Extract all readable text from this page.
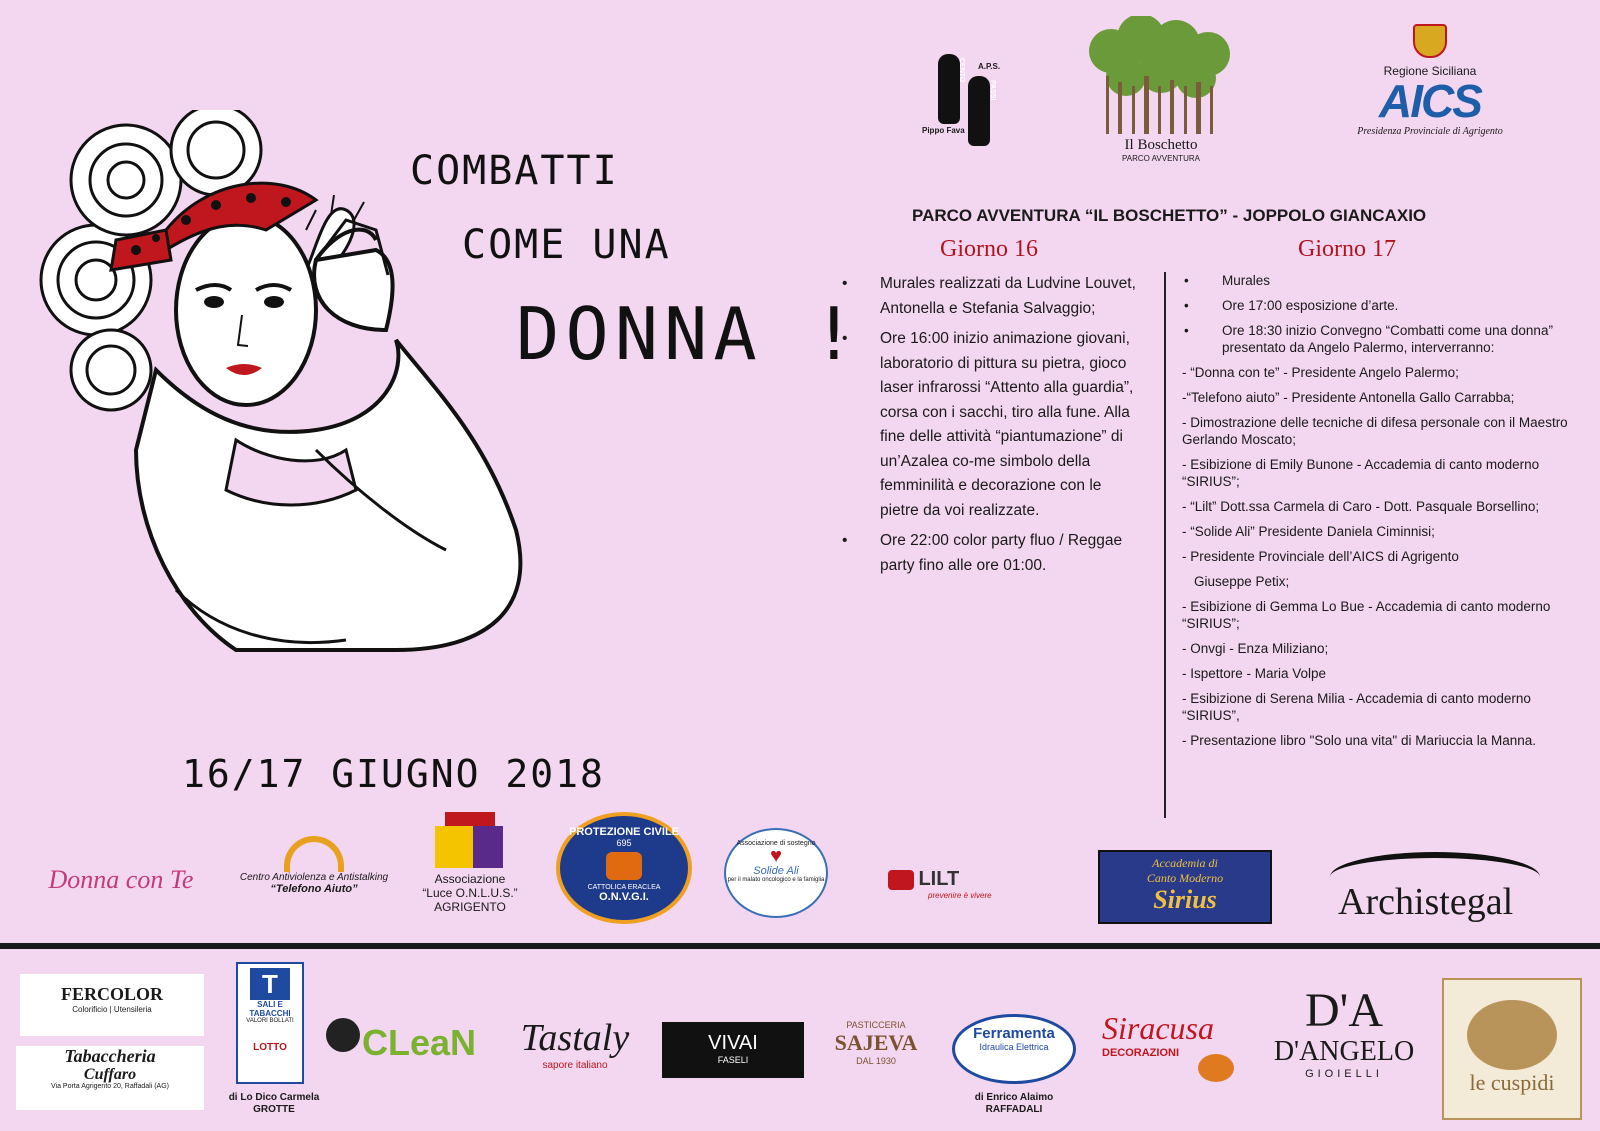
COMBATTI
COME UNA
DONNA !
16/17 GIUGNO 2018
A.P.S.
CENTO
PASSI
Pippo Fava
Il Boschetto
PARCO AVVENTURA
Regione Siciliana
AICS
Presidenza Provinciale di Agrigento
PARCO AVVENTURA “IL BOSCHETTO” - JOPPOLO GIANCAXIO
Giorno 16	Giorno 17
• Murales realizzati da Ludvine Louvet, Antonella e Stefania Salvaggio;
• Ore 16:00 inizio animazione giovani, laboratorio di pittura su pietra, gioco laser infrarossi “Attento alla guardia”, corsa con i sacchi, tiro alla fune. Alla fine delle attività “piantumazione” di un’Azalea co-me simbolo della femminilità e decorazione con le pietre da voi realizzate.
• Ore 22:00 color party fluo / Reggae party fino alle ore 01:00.
• Murales
• Ore 17:00 esposizione d’arte.
• Ore 18:30 inizio Convegno “Combatti come una donna” presentato da Angelo Palermo, interverranno:
- “Donna con te” - Presidente Angelo Palermo;
-“Telefono aiuto” - Presidente Antonella Gallo Carrabba;
- Dimostrazione delle tecniche di difesa personale con il Maestro Gerlando Moscato;
- Esibizione di Emily Bunone - Accademia di canto moderno “SIRIUS”;
- “Lilt” Dott.ssa Carmela di Caro - Dott. Pasquale Borsellino;
- “Solide Ali” Presidente Daniela Ciminnisi;
- Presidente Provinciale dell’AICS di Agrigento
Giuseppe Petix;
- Esibizione di Gemma Lo Bue - Accademia di canto moderno “SIRIUS”;
- Onvgi - Enza Miliziano;
- Ispettore - Maria Volpe
- Esibizione di Serena Milia - Accademia di canto moderno “SIRIUS”,
- Presentazione libro "Solo una vita" di Mariuccia la Manna.
Donna con Te	Centro Antiviolenza e Antistalking
“Telefono Aiuto”
Associazione
“Luce O.N.L.U.S.”
AGRIGENTO
PROTEZIONE CIVILE
695
CATTOLICA ERACLEA
O.N.V.G.I.
Associazione di sostegno
♥
Solide Ali
per il malato oncologico e la famiglia	LILT
prevenire è vivere
Accademia di
Canto Moderno
Sirius	Archistegal
FERCOLOR
Colorificio | Utensileria
Tabaccheria
Cuffaro
Via Porta Agrigento 20, Raffadali (AG)
T
SALI E TABACCHI
VALORI BOLLATI
LOTTO
di Lo Dico Carmela
GROTTE
CLeaN	Tastaly
sapore italiano
VIVAI
FASELI
PASTICCERIA
SAJEVA
DAL 1930
Ferramenta
Idraulica Elettrica
di Enrico Alaimo
RAFFADALI
Siracusa
DECORAZIONI
D'A
D'ANGELO
GIOIELLI	le cuspidi
